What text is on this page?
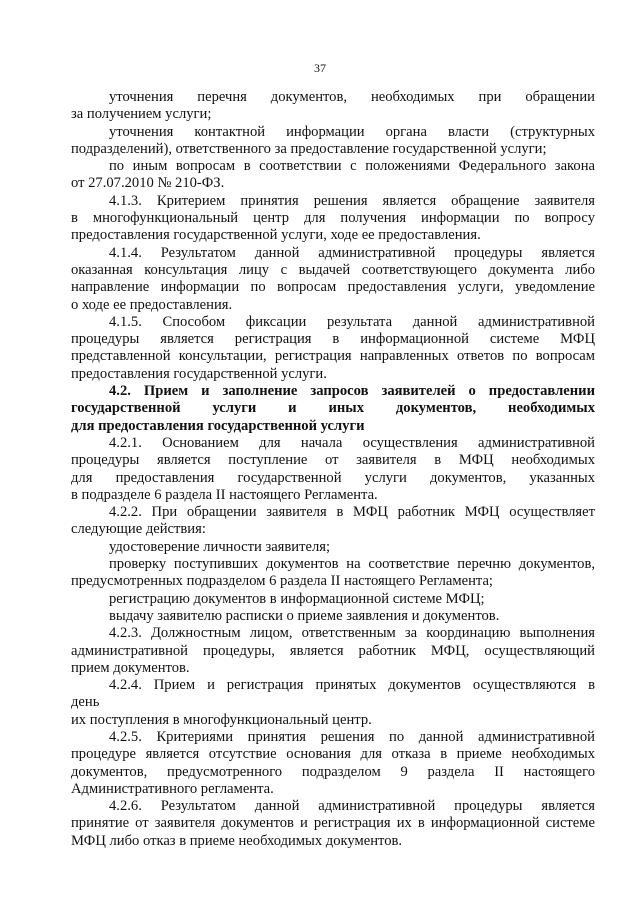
37

уточнения перечня документов, необходимых при обращении

за получением услуги;

уточнения контактной информации органа власти (структурных

подразделений), ответственного за предоставление государственной услуги;

по иным вопросам в соответствии с положениями Федерального закона

от 27.07.2010 № 210-ФЗ.

4.1.3. Критерием принятия решения является обращение заявителя

в многофункциональный центр для получения информации по вопросу

предоставления государственной услуги, ходе ее предоставления.

4.1.4. Результатом данной административной процедуры является

оказанная консультация лицу с выдачей соответствующего документа либо

направление информации по вопросам предоставления услуги, уведомление

о ходе ее предоставления.

4.1.5. Способом фиксации результата данной административной

процедуры является регистрация в информационной системе МФЦ

представленной консультации, регистрация направленных ответов по вопросам

предоставления государственной услуги.

4.2. Прием и заполнение запросов заявителей о предоставлении

государственной услуги и иных документов, необходимых

для предоставления государственной услуги

4.2.1. Основанием для начала осуществления административной

процедуры является поступление от заявителя в МФЦ необходимых

для предоставления государственной услуги документов, указанных

в подразделе 6 раздела II настоящего Регламента.

4.2.2. При обращении заявителя в МФЦ работник МФЦ осуществляет

следующие действия:

удостоверение личности заявителя;

проверку поступивших документов на соответствие перечню документов,

предусмотренных подразделом 6 раздела II настоящего Регламента;

регистрацию документов в информационной системе МФЦ;

выдачу заявителю расписки о приеме заявления и документов.

4.2.3. Должностным лицом, ответственным за координацию выполнения

административной процедуры, является работник МФЦ, осуществляющий

прием документов.

4.2.4. Прием и регистрация принятых документов осуществляются в

день

их поступления в многофункциональный центр.

4.2.5. Критериями принятия решения по данной административной

процедуре является отсутствие основания для отказа в приеме необходимых

документов, предусмотренного подразделом 9 раздела II настоящего

Административного регламента.

4.2.6. Результатом данной административной процедуры является

принятие от заявителя документов и регистрация их в информационной системе

МФЦ либо отказ в приеме необходимых документов.
